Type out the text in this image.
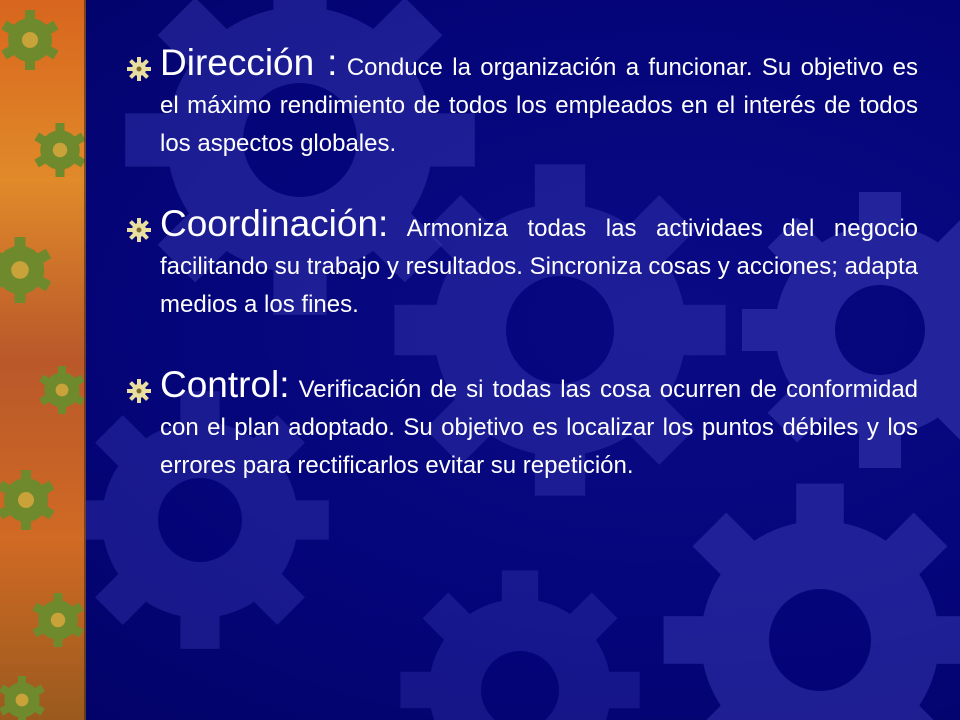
Dirección : Conduce la organización a funcionar. Su objetivo es el máximo rendimiento de todos los empleados en el interés de todos los aspectos globales.

Coordinación: Armoniza todas las actividaes del negocio facilitando su trabajo y resultados. Sincroniza cosas y acciones; adapta medios a los fines.

Control: Verificación de si todas las cosa ocurren de conformidad con el plan adoptado. Su objetivo es localizar los puntos débiles y los errores para rectificarlos evitar su repetición.
